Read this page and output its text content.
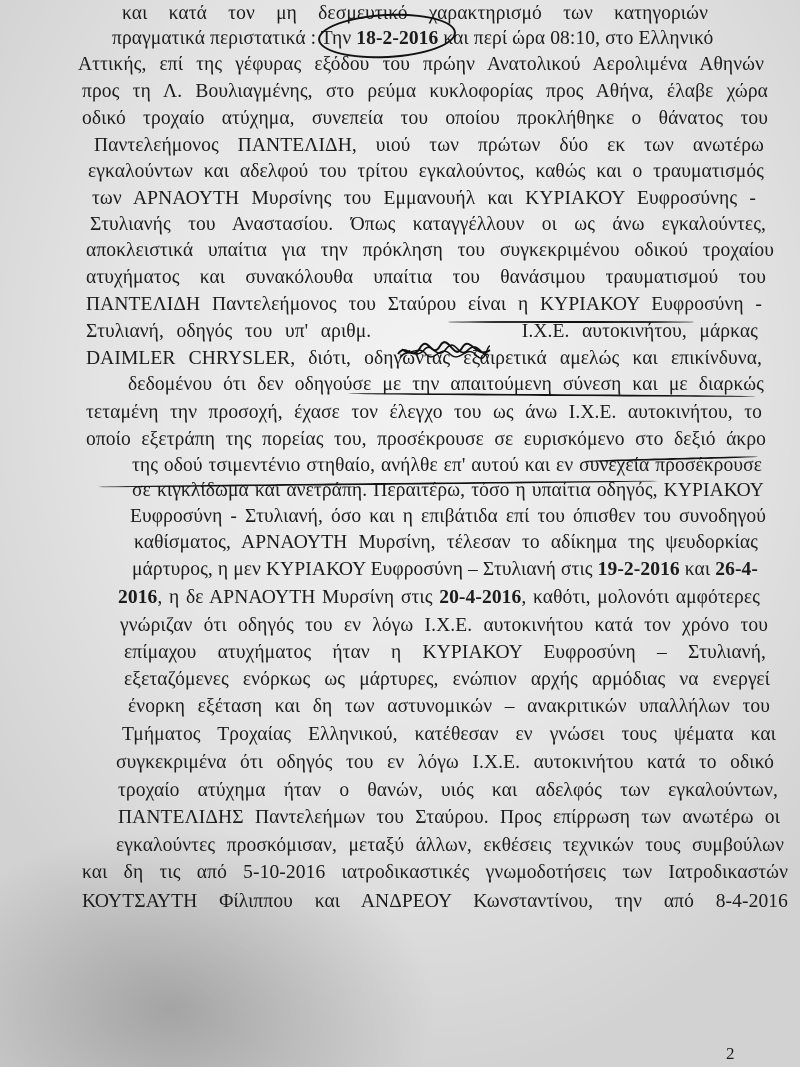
και κατά τον μη δεσμευτικό χαρακτηρισμό των κατηγοριών
πραγματικά περιστατικά : Την 18-2-2016 και περί ώρα 08:10, στο Ελληνικό
Αττικής, επί της γέφυρας εξόδου του πρώην Ανατολικού Αερολιμένα Αθηνών
προς τη Λ. Βουλιαγμένης, στο ρεύμα κυκλοφορίας προς Αθήνα, έλαβε χώρα
οδικό τροχαίο ατύχημα, συνεπεία του οποίου προκλήθηκε ο θάνατος του
Παντελεήμονος ΠΑΝΤΕΛΙΔΗ, υιού των πρώτων δύο εκ των ανωτέρω
εγκαλούντων και αδελφού του τρίτου εγκαλούντος, καθώς και ο τραυματισμός
των ΑΡΝΑΟΥΤΗ Μυρσίνης του Εμμανουήλ και ΚΥΡΙΑΚΟΥ Ευφροσύνης -
Στυλιανής του Αναστασίου. Όπως καταγγέλλουν οι ως άνω εγκαλούντες,
αποκλειστικά υπαίτια για την πρόκληση του συγκεκριμένου οδικού τροχαίου
ατυχήματος και συνακόλουθα υπαίτια του θανάσιμου τραυματισμού του
ΠΑΝΤΕΛΙΔΗ Παντελεήμονος του Σταύρου είναι η ΚΥΡΙΑΚΟΥ Ευφροσύνη -
Στυλιανή, οδηγός του υπ' αριθμ.	Ι.Χ.Ε. αυτοκινήτου, μάρκας
DAIMLER CHRYSLER, διότι, οδηγώντας εξαιρετικά αμελώς και επικίνδυνα,
δεδομένου ότι δεν οδηγούσε με την απαιτούμενη σύνεση και με διαρκώς
τεταμένη την προσοχή, έχασε τον έλεγχο του ως άνω Ι.Χ.Ε. αυτοκινήτου, το
οποίο εξετράπη της πορείας του, προσέκρουσε σε ευρισκόμενο στο δεξιό άκρο
της οδού τσιμεντένιο στηθαίο, ανήλθε επ' αυτού και εν συνεχεία προσέκρουσε
σε κιγκλίδωμα και ανετράπη. Περαιτέρω, τόσο η υπαίτια οδηγός, ΚΥΡΙΑΚΟΥ
Ευφροσύνη - Στυλιανή, όσο και η επιβάτιδα επί του όπισθεν του συνοδηγού
καθίσματος, ΑΡΝΑΟΥΤΗ Μυρσίνη, τέλεσαν το αδίκημα της ψευδορκίας
μάρτυρος, η μεν ΚΥΡΙΑΚΟΥ Ευφροσύνη – Στυλιανή στις 19-2-2016 και 26-4-
2016, η δε ΑΡΝΑΟΥΤΗ Μυρσίνη στις 20-4-2016, καθότι, μολονότι αμφότερες
γνώριζαν ότι οδηγός του εν λόγω Ι.Χ.Ε. αυτοκινήτου κατά τον χρόνο του
επίμαχου ατυχήματος ήταν η ΚΥΡΙΑΚΟΥ Ευφροσύνη – Στυλιανή,
εξεταζόμενες ενόρκως ως μάρτυρες, ενώπιον αρχής αρμόδιας να ενεργεί
ένορκη εξέταση και δη των αστυνομικών – ανακριτικών υπαλλήλων του
Τμήματος Τροχαίας Ελληνικού, κατέθεσαν εν γνώσει τους ψέματα και
συγκεκριμένα ότι οδηγός του εν λόγω Ι.Χ.Ε. αυτοκινήτου κατά το οδικό
τροχαίο ατύχημα ήταν ο θανών, υιός και αδελφός των εγκαλούντων,
ΠΑΝΤΕΛΙΔΗΣ Παντελεήμων του Σταύρου. Προς επίρρωση των ανωτέρω οι
εγκαλούντες προσκόμισαν, μεταξύ άλλων, εκθέσεις τεχνικών τους συμβούλων
και δη τις από 5-10-2016 ιατροδικαστικές γνωμοδοτήσεις των Ιατροδικαστών
ΚΟΥΤΣΑΥΤΗ Φίλιππου και ΑΝΔΡΕΟΥ Κωνσταντίνου, την από 8-4-2016
2
